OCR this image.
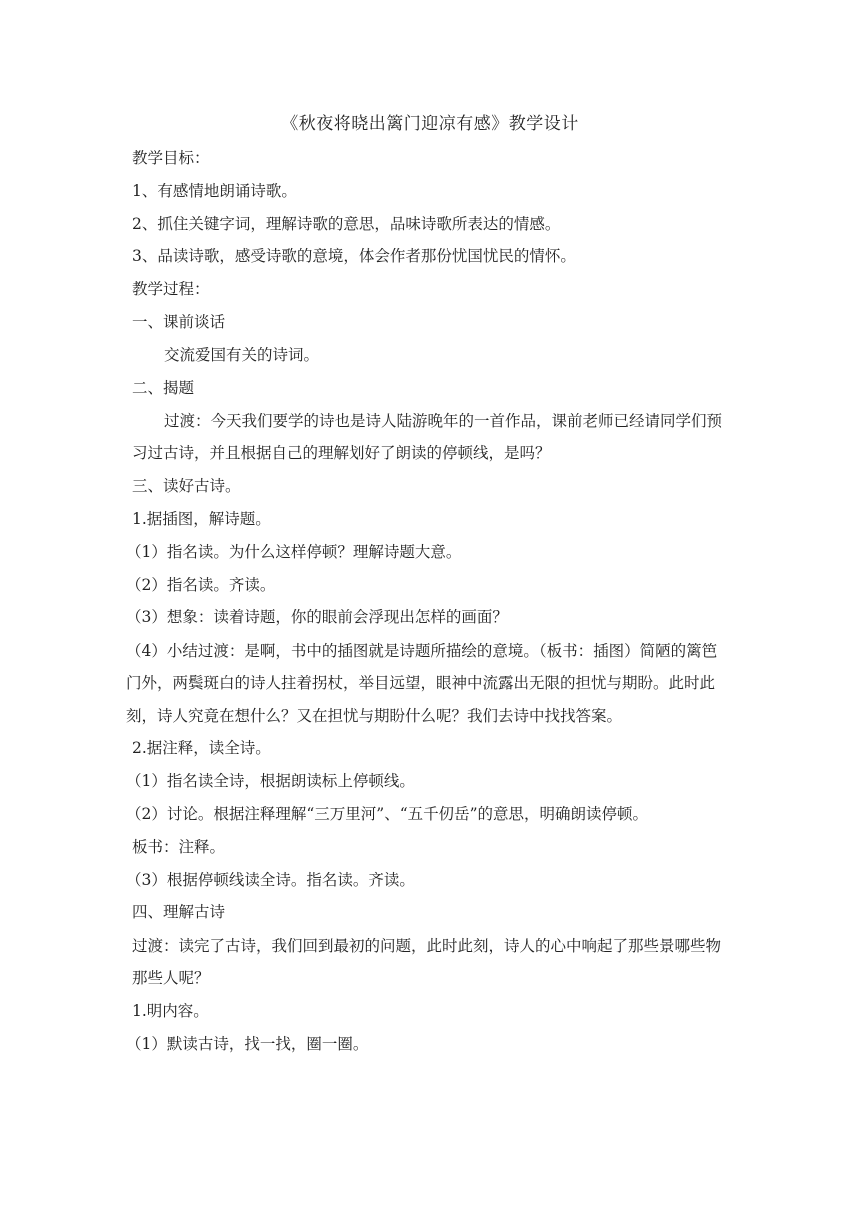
《秋夜将晓出篱门迎凉有感》教学设计

教学目标：

1、有感情地朗诵诗歌。

2、抓住关键字词，理解诗歌的意思，品味诗歌所表达的情感。

3、品读诗歌，感受诗歌的意境，体会作者那份忧国忧民的情怀。

教学过程：

一、课前谈话

交流爱国有关的诗词。

二、揭题

过渡：今天我们要学的诗也是诗人陆游晚年的一首作品，课前老师已经请同学们预习过古诗，并且根据自己的理解划好了朗读的停顿线，是吗？

三、读好古诗。

1.据插图，解诗题。

（1）指名读。为什么这样停顿？理解诗题大意。

（2）指名读。齐读。

（3）想象：读着诗题，你的眼前会浮现出怎样的画面？

（4）小结过渡：是啊，书中的插图就是诗题所描绘的意境。（板书：插图）简陋的篱笆门外，两鬓斑白的诗人拄着拐杖，举目远望，眼神中流露出无限的担忧与期盼。此时此刻，诗人究竟在想什么？又在担忧与期盼什么呢？我们去诗中找找答案。

2.据注释，读全诗。

（1）指名读全诗，根据朗读标上停顿线。

（2）讨论。根据注释理解“三万里河”、“五千仞岳”的意思，明确朗读停顿。

板书：注释。

（3）根据停顿线读全诗。指名读。齐读。

四、理解古诗

过渡：读完了古诗，我们回到最初的问题，此时此刻，诗人的心中响起了那些景哪些物那些人呢？

1.明内容。

（1）默读古诗，找一找，圈一圈。
